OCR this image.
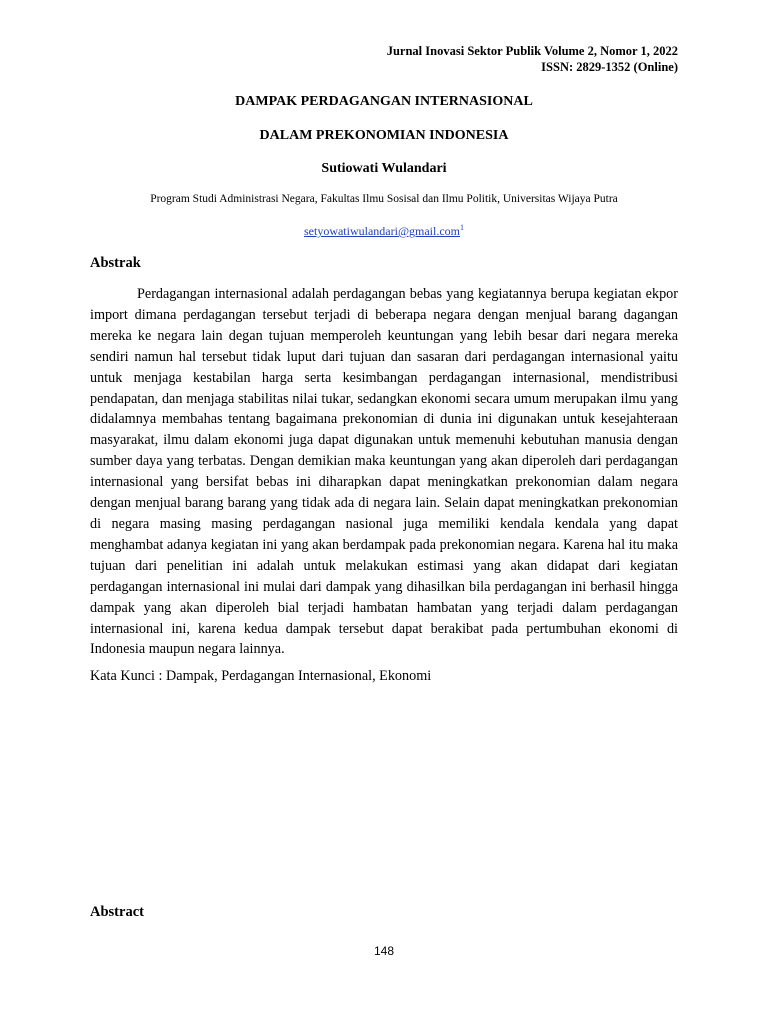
Jurnal Inovasi Sektor Publik Volume 2, Nomor 1, 2022
ISSN: 2829-1352 (Online)
DAMPAK PERDAGANGAN INTERNASIONAL
DALAM PREKONOMIAN INDONESIA
Sutiowati Wulandari
Program Studi Administrasi Negara, Fakultas Ilmu Sosisal dan Ilmu Politik, Universitas Wijaya Putra
setyowatiwulandari@gmail.com$^1$
Abstrak

Perdagangan internasional adalah perdagangan bebas yang kegiatannya berupa kegiatan ekpor import dimana perdagangan tersebut terjadi di beberapa negara dengan menjual barang dagangan mereka ke negara lain degan tujuan memperoleh keuntungan yang lebih besar dari negara mereka sendiri namun hal tersebut tidak luput dari tujuan dan sasaran dari perdagangan internasional yaitu untuk menjaga kestabilan harga serta kesimbangan perdagangan internasional, mendistribusi pendapatan, dan menjaga stabilitas nilai tukar, sedangkan ekonomi secara umum merupakan ilmu yang didalamnya membahas tentang bagaimana prekonomian di dunia ini digunakan untuk kesejahteraan masyarakat, ilmu dalam ekonomi juga dapat digunakan untuk memenuhi kebutuhan manusia dengan sumber daya yang terbatas. Dengan demikian maka keuntungan yang akan diperoleh dari perdagangan internasional yang bersifat bebas ini diharapkan dapat meningkatkan prekonomian dalam negara dengan menjual barang barang yang tidak ada di negara lain. Selain dapat meningkatkan prekonomian di negara masing masing perdagangan nasional juga memiliki kendala kendala yang dapat menghambat adanya kegiatan ini yang akan berdampak pada prekonomian negara. Karena hal itu maka tujuan dari penelitian ini adalah untuk melakukan estimasi yang akan didapat dari kegiatan perdagangan internasional ini mulai dari dampak yang dihasilkan bila perdagangan ini berhasil hingga dampak yang akan diperoleh bial terjadi hambatan hambatan yang terjadi dalam perdagangan internasional ini, karena kedua dampak tersebut dapat berakibat pada pertumbuhan ekonomi di Indonesia maupun negara lainnya.

Kata Kunci : Dampak, Perdagangan Internasional, Ekonomi
Abstract
148
